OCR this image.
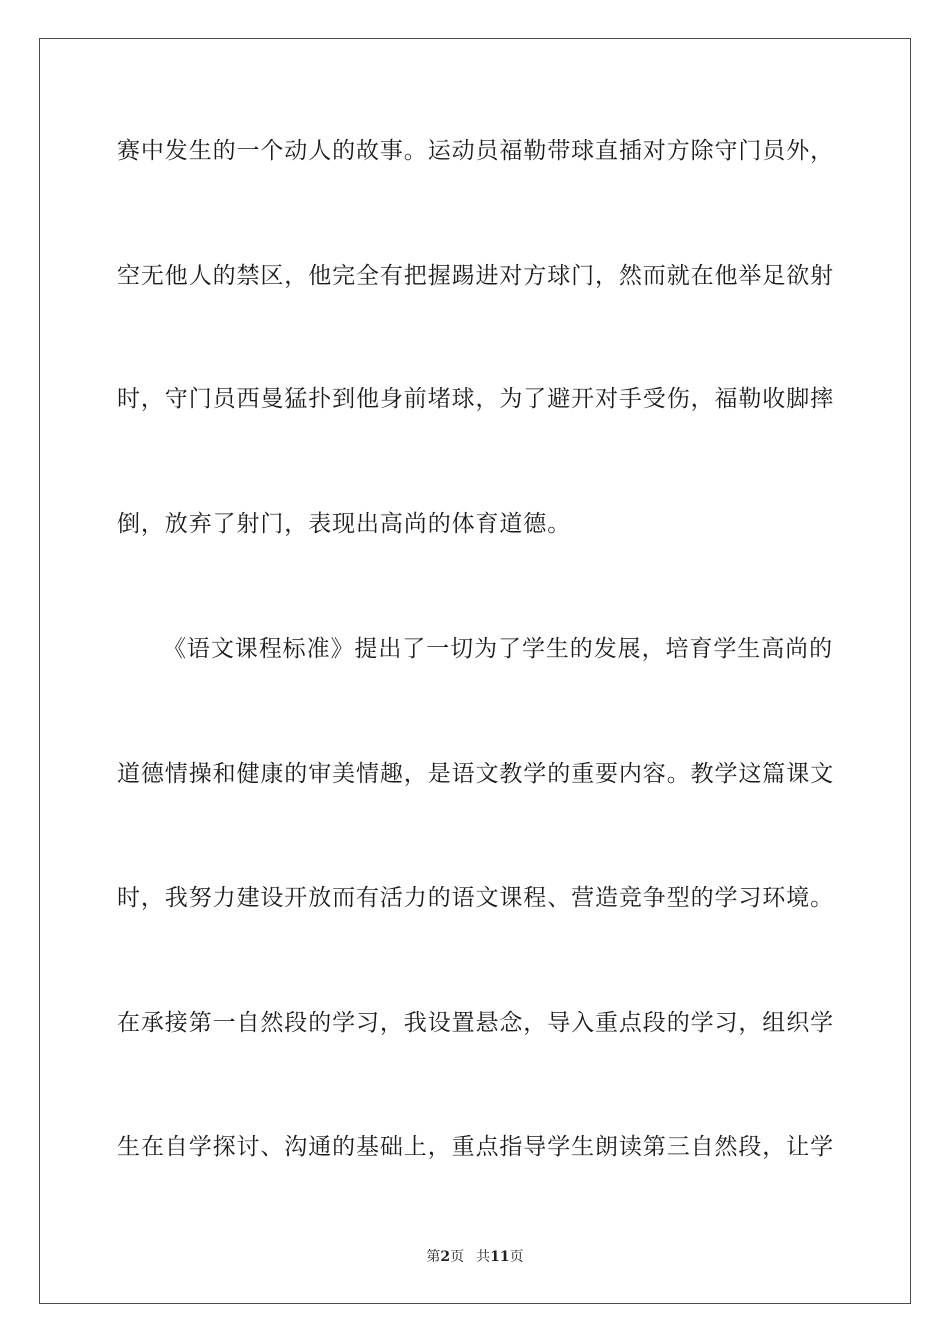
赛中发生的一个动人的故事。运动员福勒带球直插对方除守门员外，
空无他人的禁区，他完全有把握踢进对方球门，然而就在他举足欲射
时，守门员西曼猛扑到他身前堵球，为了避开对手受伤，福勒收脚摔
倒，放弃了射门，表现出高尚的体育道德。
《语文课程标准》提出了一切为了学生的发展，培育学生高尚的
道德情操和健康的审美情趣，是语文教学的重要内容。教学这篇课文
时，我努力建设开放而有活力的语文课程、营造竞争型的学习环境。
在承接第一自然段的学习，我设置悬念，导入重点段的学习，组织学
生在自学探讨、沟通的基础上，重点指导学生朗读第三自然段，让学
第2页 共11页
